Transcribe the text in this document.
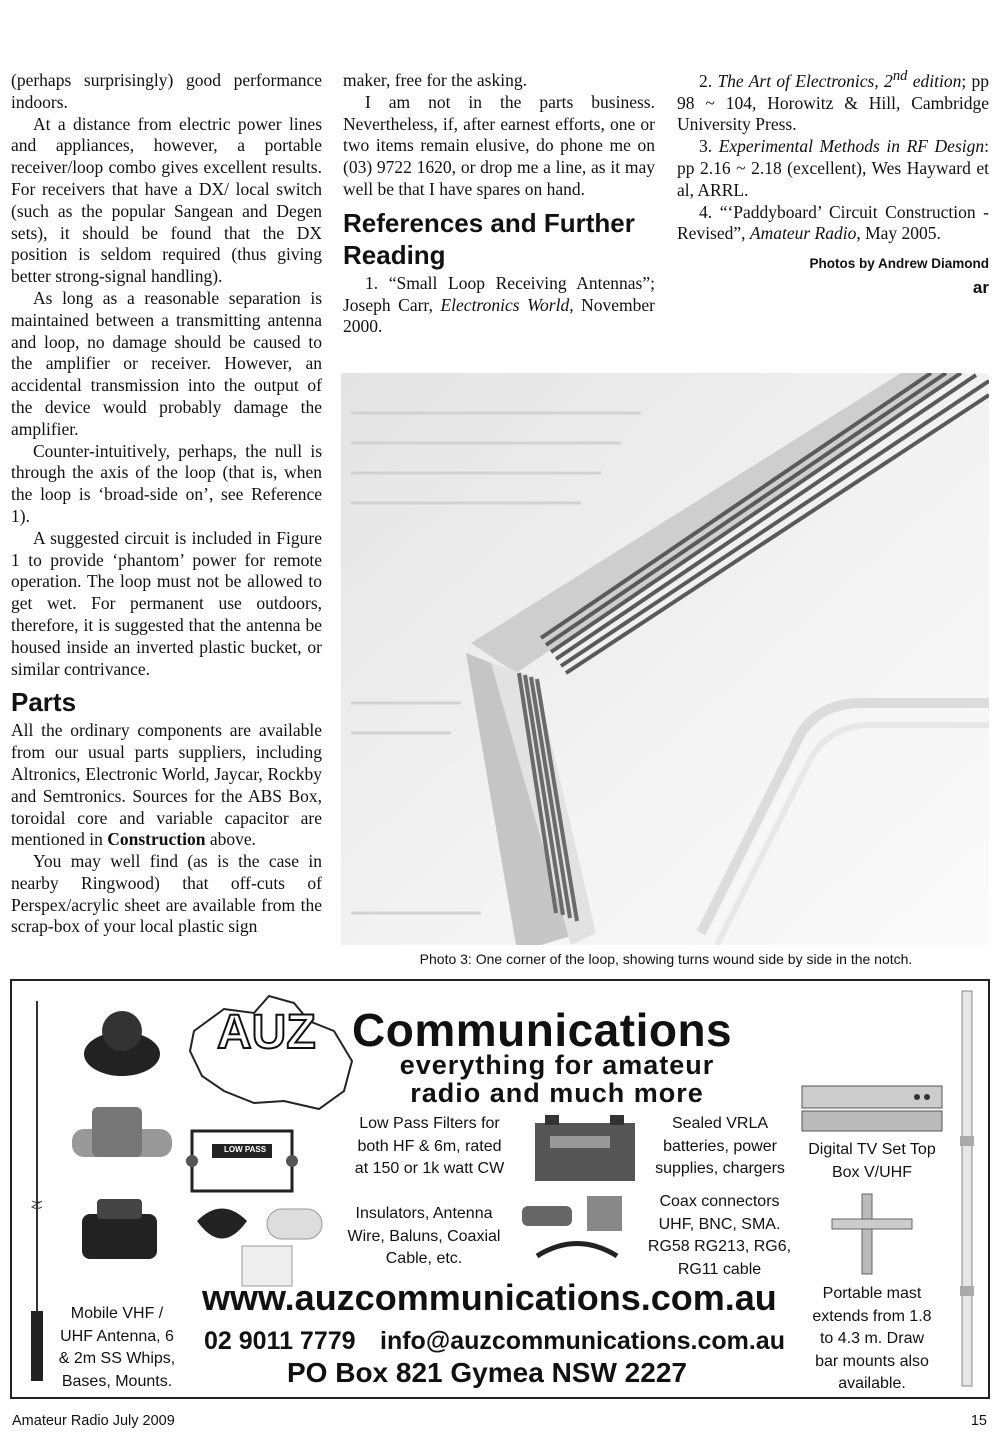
(perhaps surprisingly) good performance indoors.

At a distance from electric power lines and appliances, however, a portable receiver/loop combo gives excellent results. For receivers that have a DX/ local switch (such as the popular Sangean and Degen sets), it should be found that the DX position is seldom required (thus giving better strong-signal handling).

As long as a reasonable separation is maintained between a transmitting antenna and loop, no damage should be caused to the amplifier or receiver. However, an accidental transmission into the output of the device would probably damage the amplifier.

Counter-intuitively, perhaps, the null is through the axis of the loop (that is, when the loop is ‘broad-side on’, see Reference 1).

A suggested circuit is included in Figure 1 to provide ‘phantom’ power for remote operation. The loop must not be allowed to get wet. For permanent use outdoors, therefore, it is suggested that the antenna be housed inside an inverted plastic bucket, or similar contrivance.

Parts

All the ordinary components are available from our usual parts suppliers, including Altronics, Electronic World, Jaycar, Rockby and Semtronics. Sources for the ABS Box, toroidal core and variable capacitor are mentioned in Construction above.

You may well find (as is the case in nearby Ringwood) that off-cuts of Perspex/acrylic sheet are available from the scrap-box of your local plastic sign

maker, free for the asking.

I am not in the parts business. Nevertheless, if, after earnest efforts, one or two items remain elusive, do phone me on (03) 9722 1620, or drop me a line, as it may well be that I have spares on hand.

References and Further Reading

1. “Small Loop Receiving Antennas”; Joseph Carr, Electronics World, November 2000.

2. The Art of Electronics, 2nd edition; pp 98 ~ 104, Horowitz & Hill, Cambridge University Press.

3. Experimental Methods in RF Design: pp 2.16 ~ 2.18 (excellent), Wes Hayward et al, ARRL.

4. “‘Paddyboard’ Circuit Construction - Revised”, Amateur Radio, May 2005.

Photos by Andrew Diamond
ar
Photo 3: One corner of the loop, showing turns wound side by side in the notch.
AUZ Communications
everything for amateur
radio and much more
LOW PASS
Low Pass Filters for
both HF & 6m, rated
at 150 or 1k watt CW
Sealed VRLA
batteries, power
supplies, chargers
Digital TV Set Top
Box V/UHF
Insulators, Antenna
Wire, Baluns, Coaxial
Cable, etc.
Coax connectors
UHF, BNC, SMA.
RG58 RG213, RG6,
RG11 cable
www.auzcommunications.com.au
02 9011 7779 info@auzcommunications.com.au
PO Box 821 Gymea NSW 2227
Mobile VHF /
UHF Antenna, 6
& 2m SS Whips,
Bases, Mounts.
Portable mast
extends from 1.8
to 4.3 m. Draw
bar mounts also
available.
Amateur Radio July 2009	15
